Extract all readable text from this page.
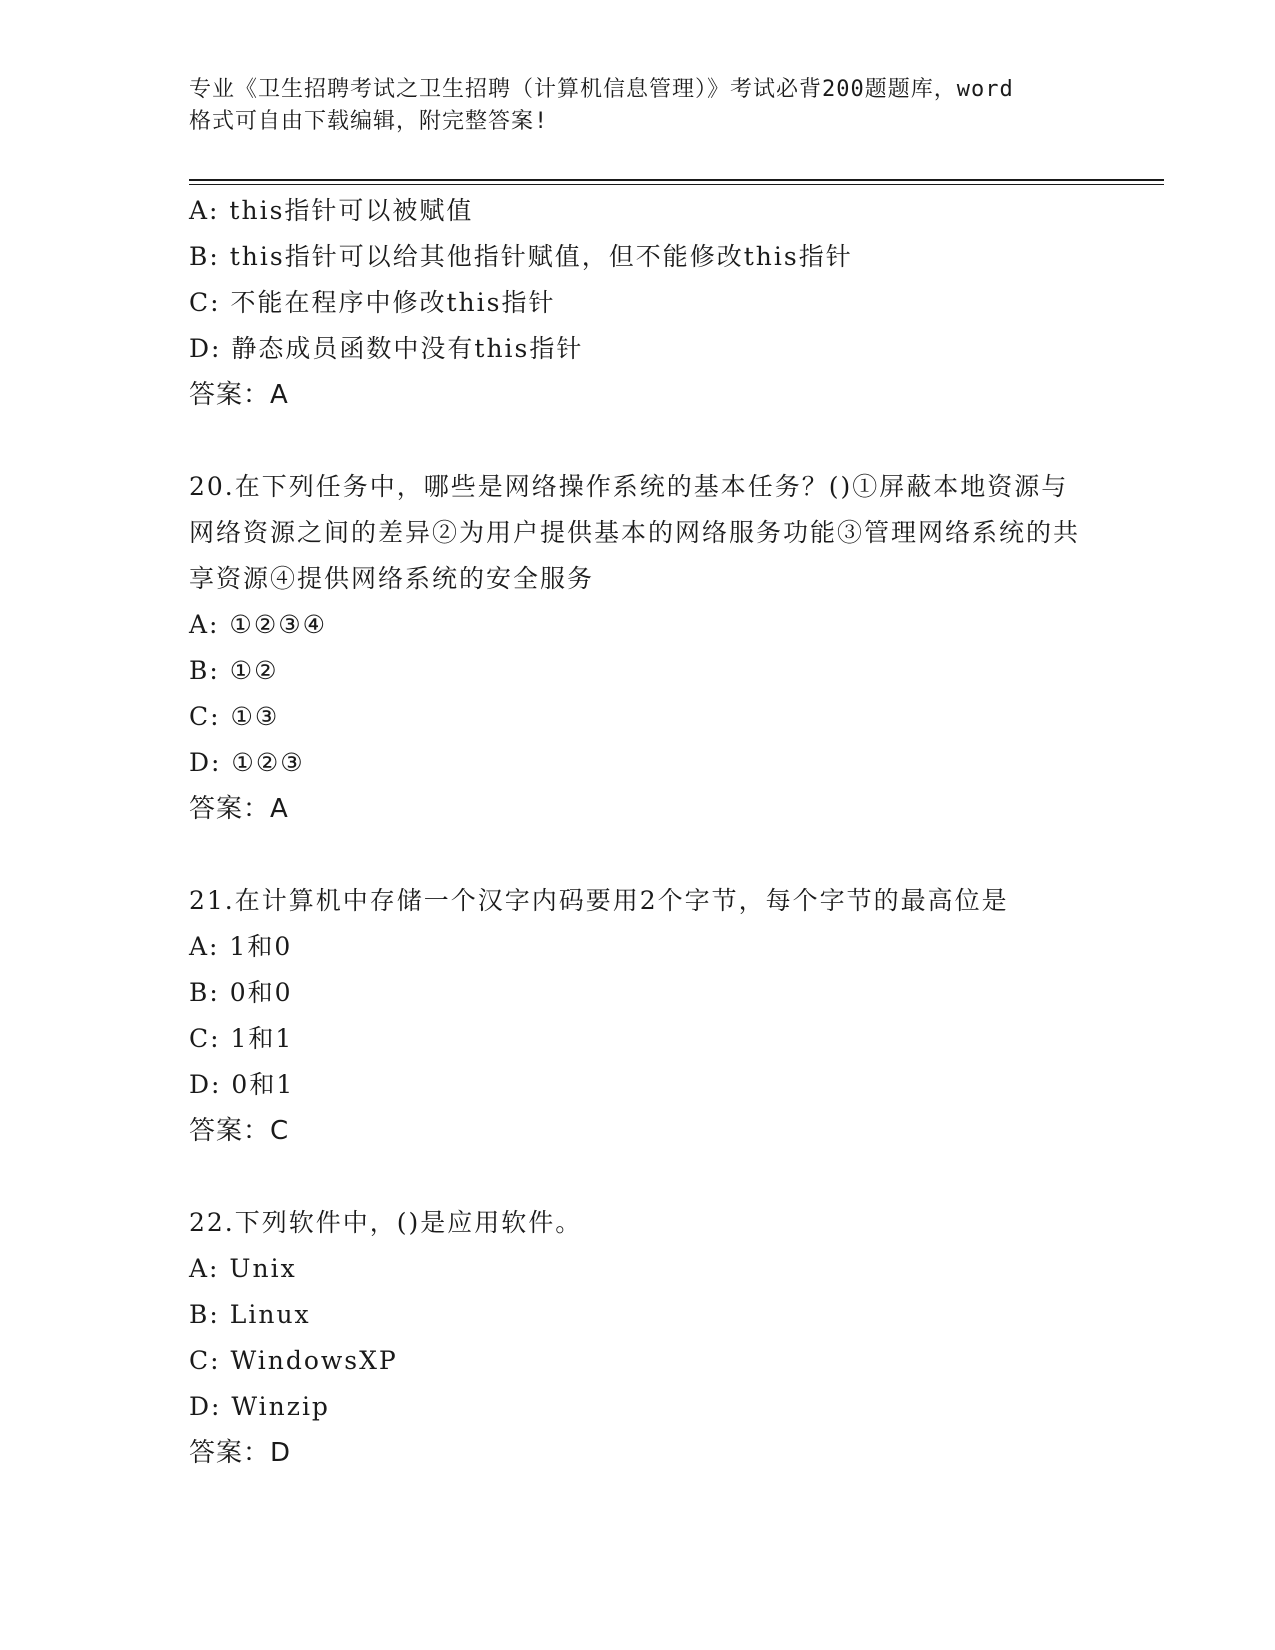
专业《卫生招聘考试之卫生招聘（计算机信息管理）》考试必背200题题库，word
格式可自由下载编辑，附完整答案!
A: this指针可以被赋值
B: this指针可以给其他指针赋值，但不能修改this指针
C: 不能在程序中修改this指针
D: 静态成员函数中没有this指针
答案：A
20.在下列任务中，哪些是网络操作系统的基本任务？()①屏蔽本地资源与网络资源之间的差异②为用户提供基本的网络服务功能③管理网络系统的共享资源④提供网络系统的安全服务
A: ①②③④
B: ①②
C: ①③
D: ①②③
答案：A
21.在计算机中存储一个汉字内码要用2个字节，每个字节的最高位是
A: 1和0
B: 0和0
C: 1和1
D: 0和1
答案：C
22.下列软件中，()是应用软件。
A: Unix
B: Linux
C: WindowsXP
D: Winzip
答案：D
